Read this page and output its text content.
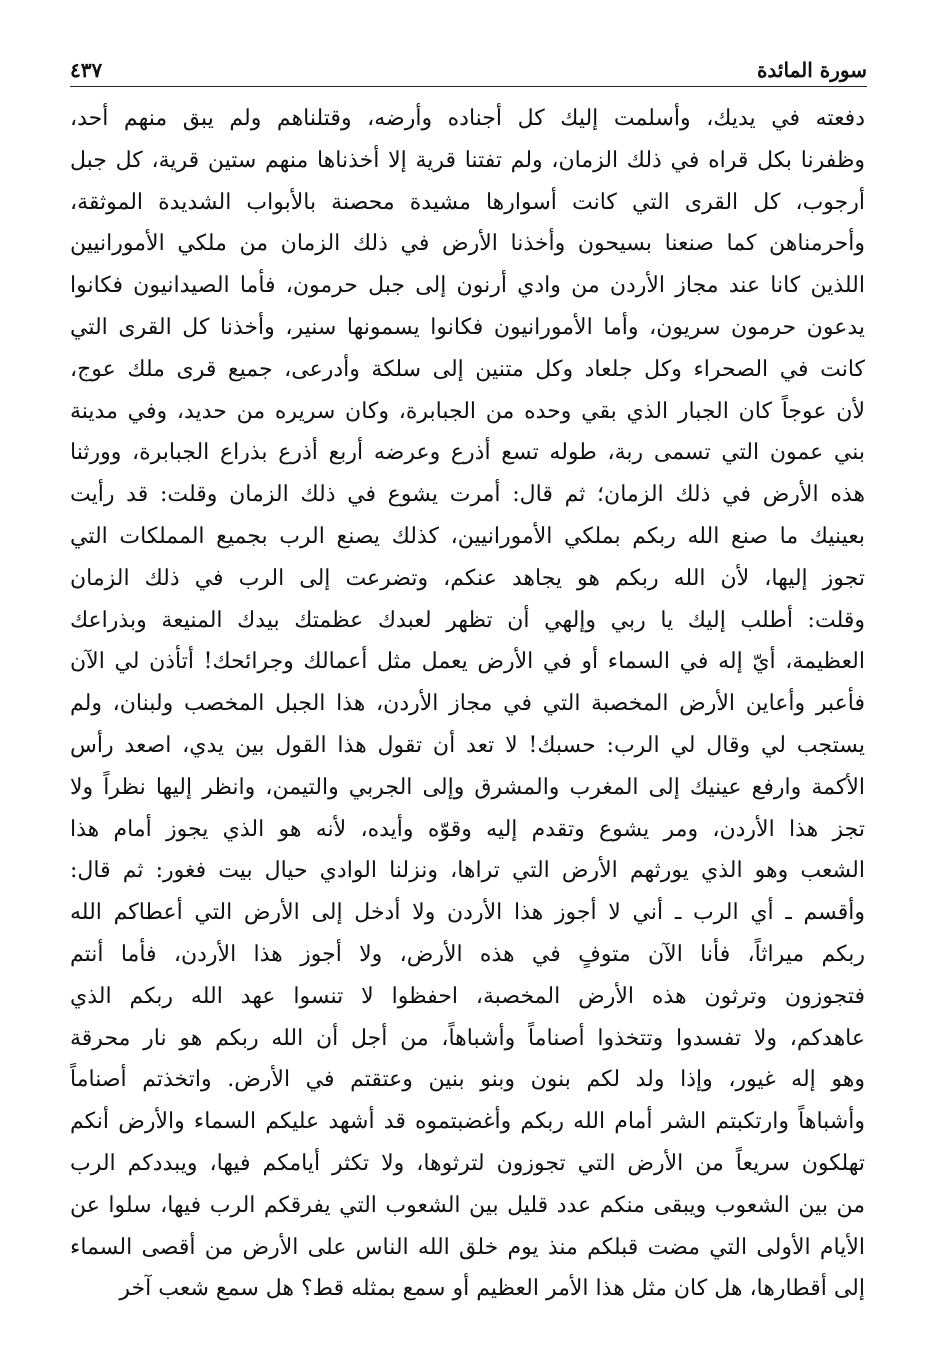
سورة المائدة
٤٣٧
دفعته في يديك، وأسلمت إليك كل أجناده وأرضه، وقتلناهم ولم يبق منهم أحد،
وظفرنا بكل قراه في ذلك الزمان، ولم تفتنا قرية إلا أخذناها منهم ستين قرية، كل جبل
أرجوب، كل القرى التي كانت أسوارها مشيدة محصنة بالأبواب الشديدة الموثقة،
وأحرمناهن كما صنعنا بسيحون وأخذنا الأرض في ذلك الزمان من ملكي الأمورانيين
اللذين كانا عند مجاز الأردن من وادي أرنون إلى جبل حرمون، فأما الصيدانيون فكانوا
يدعون حرمون سريون، وأما الأمورانيون فكانوا يسمونها سنير، وأخذنا كل القرى التي
كانت في الصحراء وكل جلعاد وكل متنين إلى سلكة وأدرعى، جميع قرى ملك عوج،
لأن عوجاً كان الجبار الذي بقي وحده من الجبابرة، وكان سريره من حديد، وفي مدينة
بني عمون التي تسمى ربة، طوله تسع أذرع وعرضه أربع أذرع بذراع الجبابرة، وورثنا
هذه الأرض في ذلك الزمان؛ ثم قال: أمرت يشوع في ذلك الزمان وقلت: قد رأيت
بعينيك ما صنع الله ربكم بملكي الأمورانيين، كذلك يصنع الرب بجميع المملكات التي
تجوز إليها، لأن الله ربكم هو يجاهد عنكم، وتضرعت إلى الرب في ذلك الزمان
وقلت: أطلب إليك يا ربي وإلهي أن تظهر لعبدك عظمتك بيدك المنيعة وبذراعك
العظيمة، أيّ إله في السماء أو في الأرض يعمل مثل أعمالك وجرائحك! أتأذن لي الآن
فأعبر وأعاين الأرض المخصبة التي في مجاز الأردن، هذا الجبل المخصب ولبنان، ولم
يستجب لي وقال لي الرب: حسبك! لا تعد أن تقول هذا القول بين يدي، اصعد رأس
الأكمة وارفع عينيك إلى المغرب والمشرق وإلى الجربي والتيمن، وانظر إليها نظراً ولا
تجز هذا الأردن، ومر يشوع وتقدم إليه وقوّه وأيده، لأنه هو الذي يجوز أمام هذا
الشعب وهو الذي يورثهم الأرض التي تراها، ونزلنا الوادي حيال بيت فغور: ثم قال:
وأقسم ـ أي الرب ـ أني لا أجوز هذا الأردن ولا أدخل إلى الأرض التي أعطاكم الله
ربكم ميراثاً، فأنا الآن متوفٍ في هذه الأرض، ولا أجوز هذا الأردن، فأما أنتم
فتجوزون وترثون هذه الأرض المخصبة، احفظوا لا تنسوا عهد الله ربكم الذي
عاهدكم، ولا تفسدوا وتتخذوا أصناماً وأشباهاً، من أجل أن الله ربكم هو نار محرقة
وهو إله غيور، وإذا ولد لكم بنون وبنو بنين وعتقتم في الأرض. واتخذتم أصناماً
وأشباهاً وارتكبتم الشر أمام الله ربكم وأغضبتموه قد أشهد عليكم السماء والأرض أنكم
تهلكون سريعاً من الأرض التي تجوزون لترثوها، ولا تكثر أيامكم فيها، ويبددكم الرب
من بين الشعوب ويبقى منكم عدد قليل بين الشعوب التي يفرقكم الرب فيها، سلوا عن
الأيام الأولى التي مضت قبلكم منذ يوم خلق الله الناس على الأرض من أقصى السماء
إلى أقطارها، هل كان مثل هذا الأمر العظيم أو سمع بمثله قط؟ هل سمع شعب آخر
